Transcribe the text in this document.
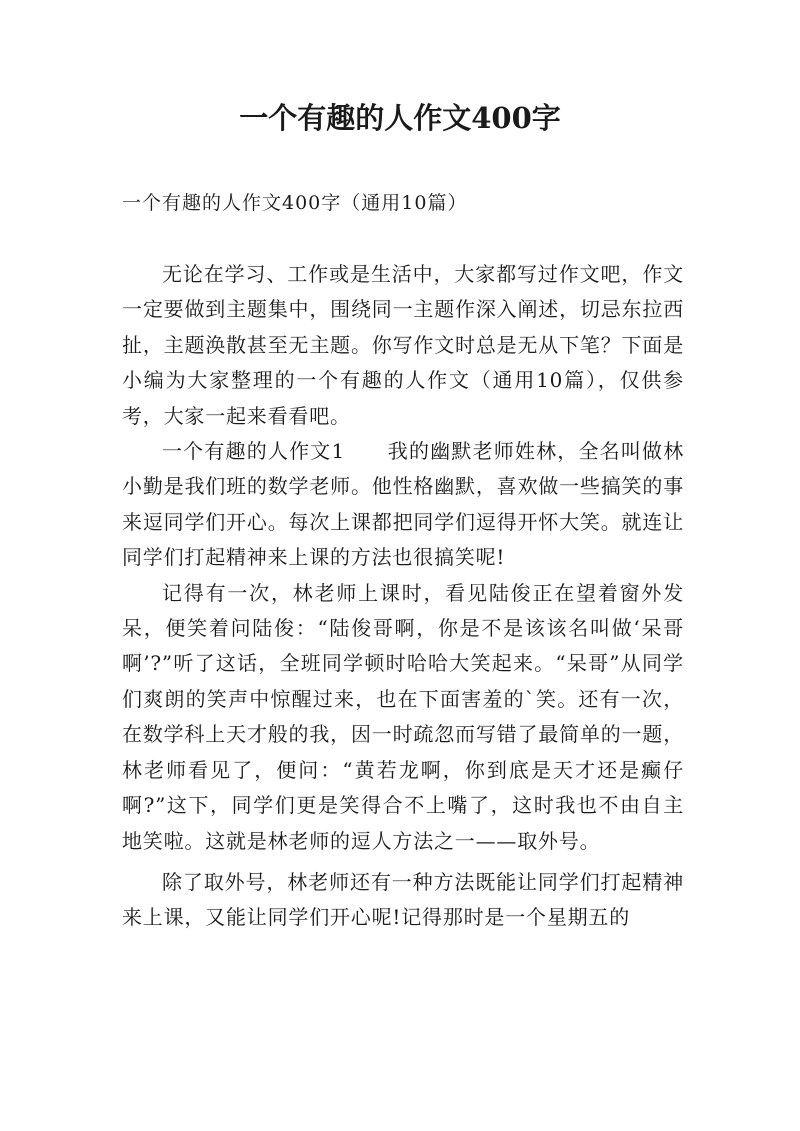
一个有趣的人作文400字
一个有趣的人作文400字（通用10篇）

无论在学习、工作或是生活中，大家都写过作文吧，作文一定要做到主题集中，围绕同一主题作深入阐述，切忌东拉西扯，主题涣散甚至无主题。你写作文时总是无从下笔？下面是小编为大家整理的一个有趣的人作文（通用10篇），仅供参考，大家一起来看看吧。

一个有趣的人作文1　　我的幽默老师姓林，全名叫做林小勤是我们班的数学老师。他性格幽默，喜欢做一些搞笑的事来逗同学们开心。每次上课都把同学们逗得开怀大笑。就连让同学们打起精神来上课的方法也很搞笑呢!

记得有一次，林老师上课时，看见陆俊正在望着窗外发呆，便笑着问陆俊：“陆俊哥啊，你是不是该该名叫做‘呆哥啊’?”听了这话，全班同学顿时哈哈大笑起来。“呆哥”从同学们爽朗的笑声中惊醒过来，也在下面害羞的`笑。还有一次，在数学科上天才般的我，因一时疏忽而写错了最简单的一题，林老师看见了，便问：“黄若龙啊，你到底是天才还是癫仔啊?”这下，同学们更是笑得合不上嘴了，这时我也不由自主地笑啦。这就是林老师的逗人方法之一——取外号。

除了取外号，林老师还有一种方法既能让同学们打起精神来上课，又能让同学们开心呢!记得那时是一个星期五的
